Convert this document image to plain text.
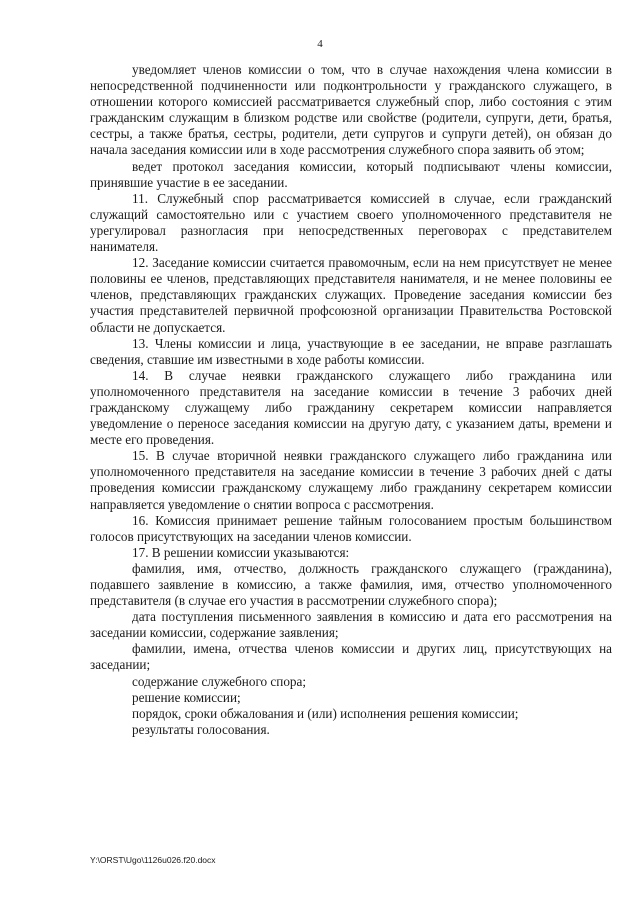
4

уведомляет членов комиссии о том, что в случае нахождения члена комиссии в непосредственной подчиненности или подконтрольности у гражданского служащего, в отношении которого комиссией рассматривается служебный спор, либо состояния с этим гражданским служащим в близком родстве или свойстве (родители, супруги, дети, братья, сестры, а также братья, сестры, родители, дети супругов и супруги детей), он обязан до начала заседания комиссии или в ходе рассмотрения служебного спора заявить об этом;

ведет протокол заседания комиссии, который подписывают члены комиссии, принявшие участие в ее заседании.

11. Служебный спор рассматривается комиссией в случае, если гражданский служащий самостоятельно или с участием своего уполномоченного представителя не урегулировал разногласия при непосредственных переговорах с представителем нанимателя.

12. Заседание комиссии считается правомочным, если на нем присутствует не менее половины ее членов, представляющих представителя нанимателя, и не менее половины ее членов, представляющих гражданских служащих. Проведение заседания комиссии без участия представителей первичной профсоюзной организации Правительства Ростовской области не допускается.

13. Члены комиссии и лица, участвующие в ее заседании, не вправе разглашать сведения, ставшие им известными в ходе работы комиссии.

14. В случае неявки гражданского служащего либо гражданина или уполномоченного представителя на заседание комиссии в течение 3 рабочих дней гражданскому служащему либо гражданину секретарем комиссии направляется уведомление о переносе заседания комиссии на другую дату, с указанием даты, времени и месте его проведения.

15. В случае вторичной неявки гражданского служащего либо гражданина или уполномоченного представителя на заседание комиссии в течение 3 рабочих дней с даты проведения комиссии гражданскому служащему либо гражданину секретарем комиссии направляется уведомление о снятии вопроса с рассмотрения.

16. Комиссия принимает решение тайным голосованием простым большинством голосов присутствующих на заседании членов комиссии.

17. В решении комиссии указываются:

фамилия, имя, отчество, должность гражданского служащего (гражданина), подавшего заявление в комиссию, а также фамилия, имя, отчество уполномоченного представителя (в случае его участия в рассмотрении служебного спора);

дата поступления письменного заявления в комиссию и дата его рассмотрения на заседании комиссии, содержание заявления;

фамилии, имена, отчества членов комиссии и других лиц, присутствующих на заседании;

содержание служебного спора;

решение комиссии;

порядок, сроки обжалования и (или) исполнения решения комиссии;

результаты голосования.

Y:\ORST\Ugo\1126u026.f20.docx
